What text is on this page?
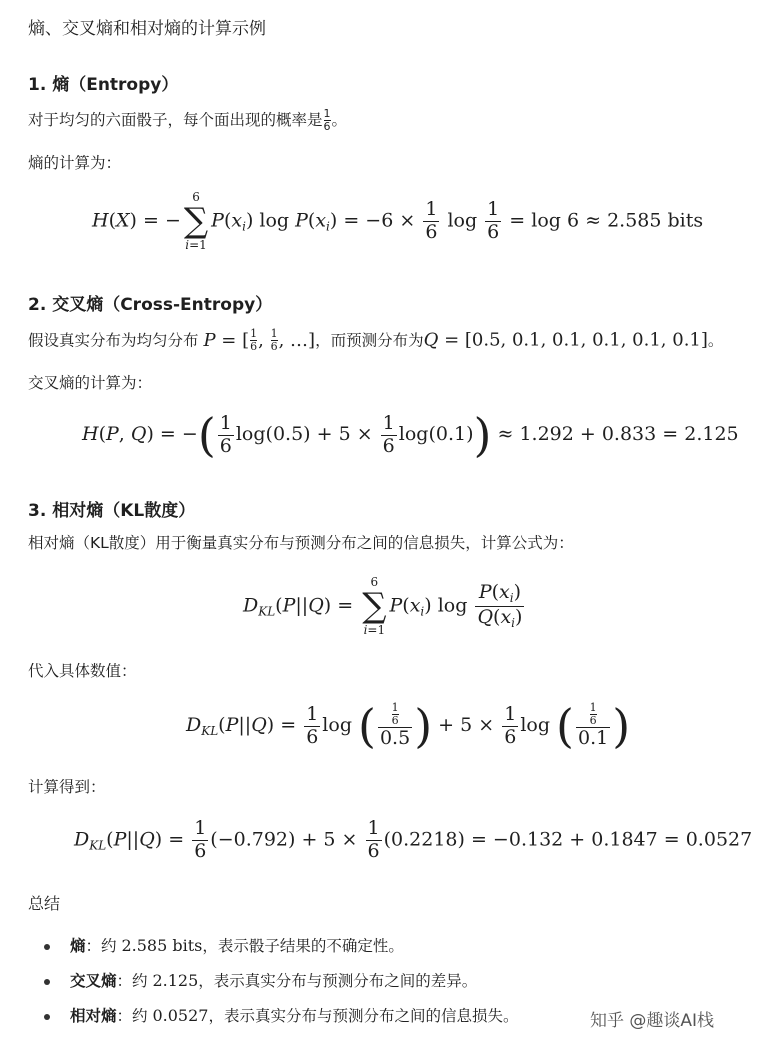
熵、交叉熵和相对熵的计算示例
1. 熵（Entropy）
对于均匀的六面骰子，每个面出现的概率是 $\frac{1}{6}$ 。
熵的计算为：
H(X) = −
6
∑
i=1
$P(x_i)$ $\log P(x_i) = -6 \times \frac{1}{6}$ $\log \frac{1}{6} = \log 6 \approx 2.585$ bits
2. 交叉熵（Cross-Entropy）
假设真实分布为均匀分布 P = [ $\frac{1}{6}$ , $\frac{1}{6}$ , …]，而预测分布为Q = [0.5, 0.1, 0.1, 0.1, 0.1, 0.1]。
交叉熵的计算为：
H(P, Q) = −( $\frac{1}{6} \log(0.5) + 5 \times \frac{1}{6} \log(0.1)) \approx 1.292 + 0.833 = 2.125$
3. 相对熵（KL散度）
相对熵（KL散度）用于衡量真实分布与预测分布之间的信息损失，计算公式为：
$D_{KL}(P||Q)$ =
6
∑
i=1
$P(x_i)$ $\log \frac{P(x_i)}{Q(x_i)}$
代入具体数值：
$D_{KL}(P||Q) = \frac{1}{6}$ log ( $\frac{\frac{1}{6}}{0.5}$ ) + $5 \times \frac{1}{6}$ log ( $\frac{\frac{1}{6}}{0.1}$ )
计算得到：
$D_{KL}(P||Q) = \frac{1}{6} (-0.792) + 5 \times \frac{1}{6} (0.2218) = -0.132 + 0.1847 = 0.0527$
总结
熵：约 2.585 bits，表示骰子结果的不确定性。
交叉熵：约 2.125，表示真实分布与预测分布之间的差异。
相对熵：约 0.0527，表示真实分布与预测分布之间的信息损失。	知乎 @趣谈AI栈
